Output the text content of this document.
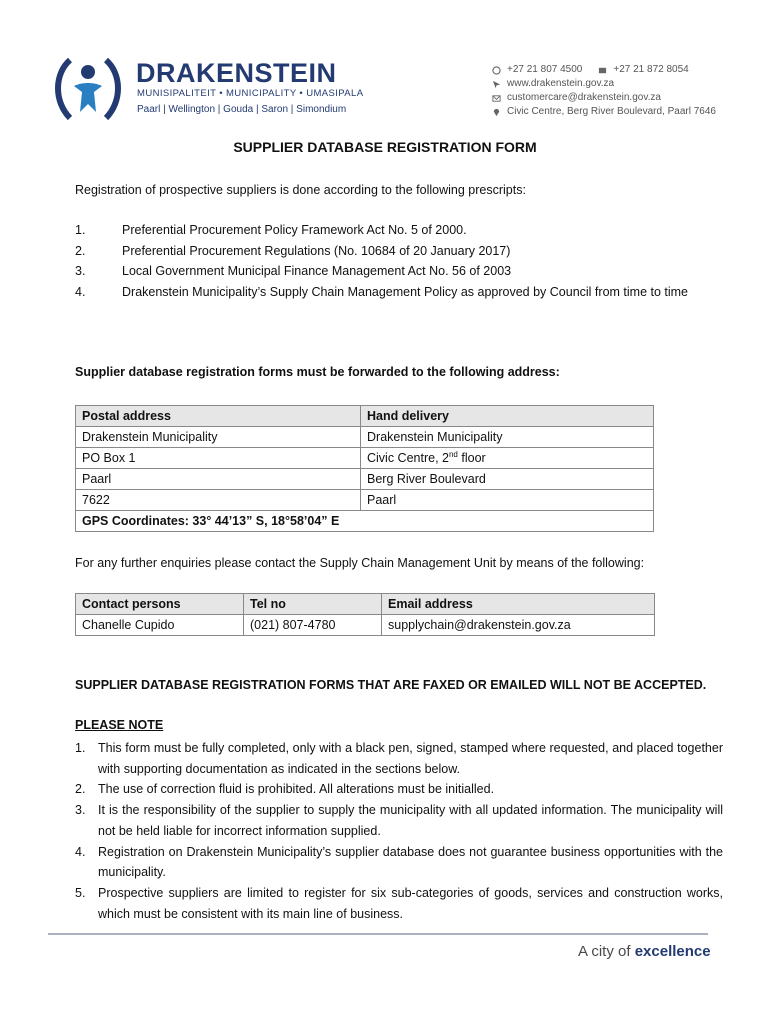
DRAKENSTEIN
MUNISIPALITEIT • MUNICIPALITY • UMASIPALA
Paarl | Wellington | Gouda | Saron | Simondium
+27 21 807 4500	+27 21 872 8054
www.drakenstein.gov.za
customercare@drakenstein.gov.za
Civic Centre, Berg River Boulevard, Paarl 7646
SUPPLIER DATABASE REGISTRATION FORM
Registration of prospective suppliers is done according to the following prescripts:
1.	Preferential Procurement Policy Framework Act No. 5 of 2000.
2.	Preferential Procurement Regulations (No. 10684 of 20 January 2017)
3.	Local Government Municipal Finance Management Act No. 56 of 2003
4.	Drakenstein Municipality’s Supply Chain Management Policy as approved by Council from time to time
Supplier database registration forms must be forwarded to the following address:
Postal address	Hand delivery
Drakenstein Municipality	Drakenstein Municipality
PO Box 1	Civic Centre, 2nd floor
Paarl	Berg River Boulevard
7622	Paarl
GPS Coordinates: 33° 44’13” S, 18°58’04” E	
For any further enquiries please contact the Supply Chain Management Unit by means of the following:
Contact persons	Tel no	Email address
Chanelle Cupido	(021) 807-4780	supplychain@drakenstein.gov.za
SUPPLIER DATABASE REGISTRATION FORMS THAT ARE FAXED OR EMAILED WILL NOT BE ACCEPTED.
PLEASE NOTE
1.	This form must be fully completed, only with a black pen, signed, stamped where requested, and placed together with supporting documentation as indicated in the sections below.
2.	The use of correction fluid is prohibited. All alterations must be initialled.
3.	It is the responsibility of the supplier to supply the municipality with all updated information. The municipality will not be held liable for incorrect information supplied.
4.	Registration on Drakenstein Municipality’s supplier database does not guarantee business opportunities with the municipality.
5.	Prospective suppliers are limited to register for six sub-categories of goods, services and construction works, which must be consistent with its main line of business.
A city of excellence
